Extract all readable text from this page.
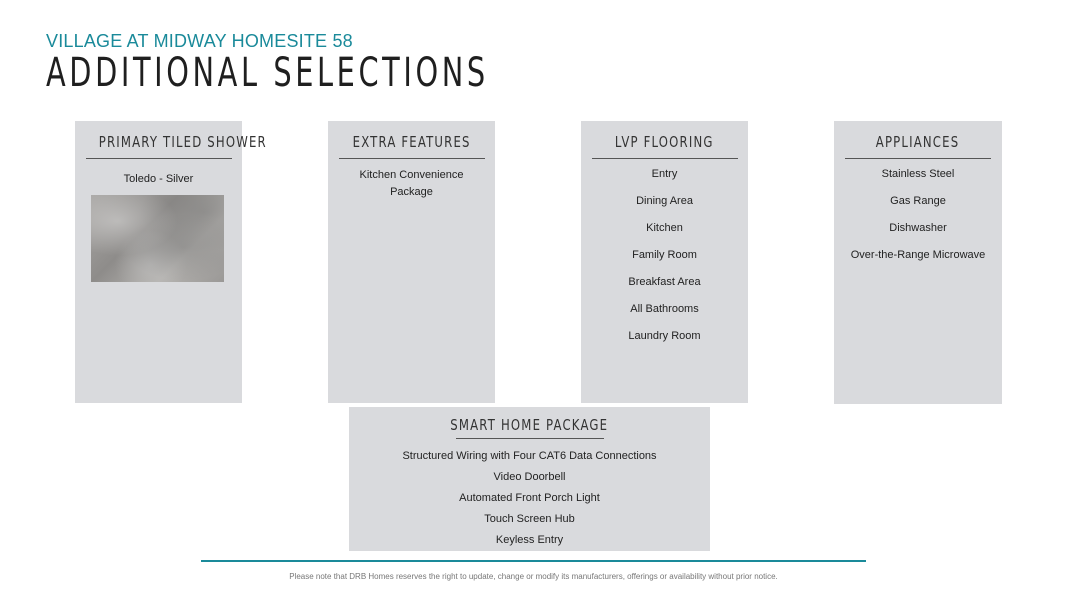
VILLAGE AT MIDWAY HOMESITE 58
ADDITIONAL SELECTIONS
PRIMARY TILED SHOWER
Toledo - Silver
EXTRA FEATURES
Kitchen Convenience Package
LVP FLOORING
Entry
Dining Area
Kitchen
Family Room
Breakfast Area
All Bathrooms
Laundry Room
APPLIANCES
Stainless Steel
Gas Range
Dishwasher
Over-the-Range Microwave
SMART HOME PACKAGE
Structured Wiring with Four CAT6 Data Connections
Video Doorbell
Automated Front Porch Light
Touch Screen Hub
Keyless Entry
Please note that DRB Homes reserves the right to update, change or modify its manufacturers, offerings or availability without prior notice.
